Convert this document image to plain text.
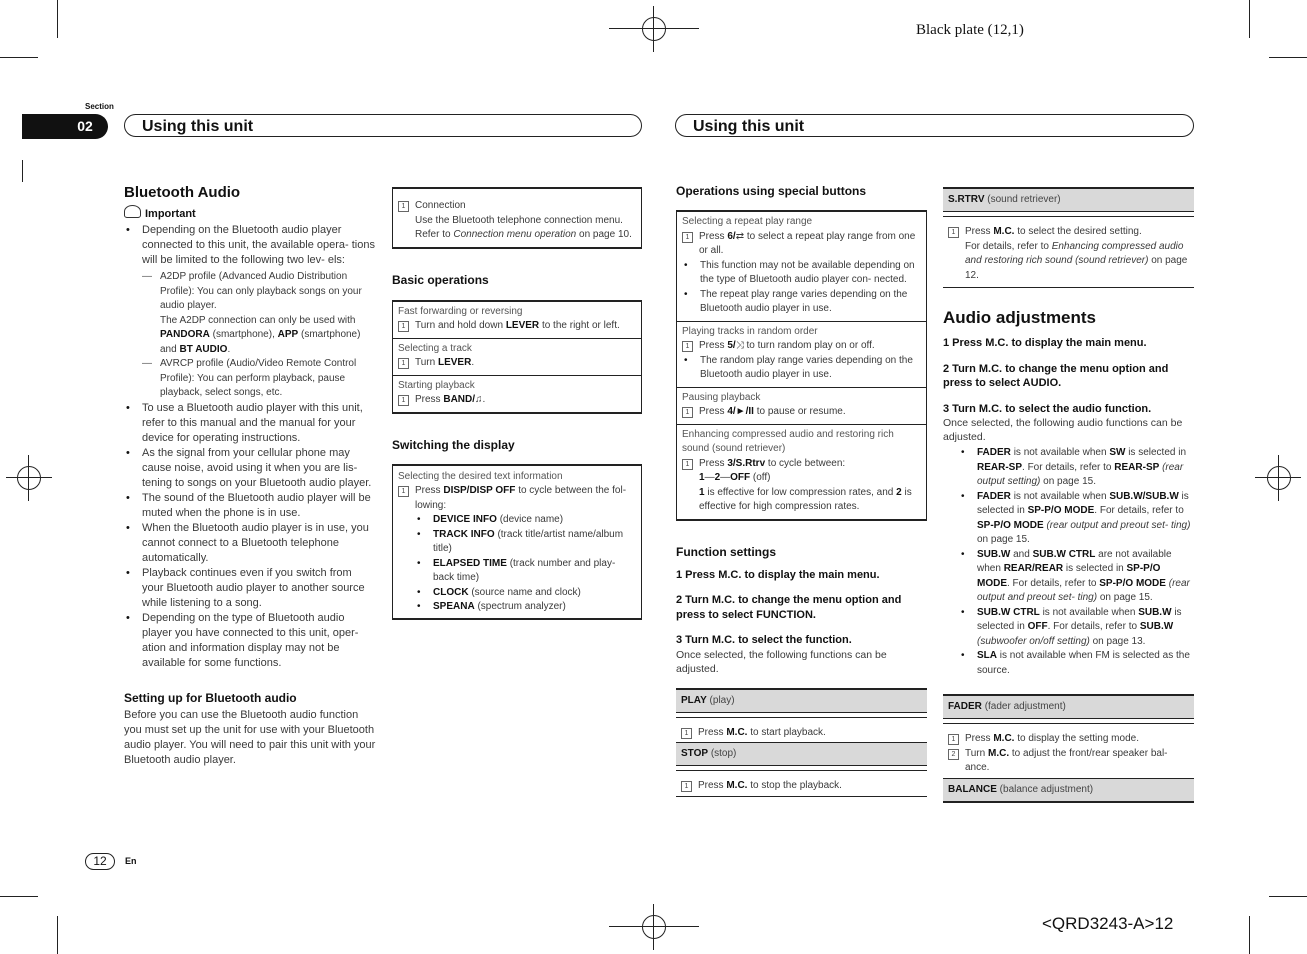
Black plate (12,1)
<QRD3243-A>12
Section
02	Using this unit	Using this unit
Bluetooth Audio
Important
• Depending on the Bluetooth audio player connected to this unit, the available opera- tions will be limited to the following two lev- els:
— A2DP profile (Advanced Audio Distribution Profile): You can only playback songs on your audio player.
The A2DP connection can only be used with PANDORA (smartphone), APP (smartphone) and BT AUDIO.
— AVRCP profile (Audio/Video Remote Control Profile): You can perform playback, pause playback, select songs, etc.
• To use a Bluetooth audio player with this unit, refer to this manual and the manual for your device for operating instructions.
• As the signal from your cellular phone may cause noise, avoid using it when you are lis- tening to songs on your Bluetooth audio player.
• The sound of the Bluetooth audio player will be muted when the phone is in use.
• When the Bluetooth audio player is in use, you cannot connect to a Bluetooth telephone automatically.
• Playback continues even if you switch from your Bluetooth audio player to another source while listening to a song.
• Depending on the type of Bluetooth audio player you have connected to this unit, oper- ation and information display may not be available for some functions.
Setting up for Bluetooth audio
Before you can use the Bluetooth audio function you must set up the unit for use with your Bluetooth audio player. You will need to pair this unit with your Bluetooth audio player.
1 Connection
Use the Bluetooth telephone connection menu. Refer to Connection menu operation on page 10.
Basic operations
Fast forwarding or reversing
1 Turn and hold down LEVER to the right or left.
Selecting a track
1 Turn LEVER.
Starting playback
1 Press BAND/♫.
Switching the display
Selecting the desired text information
1 Press DISP/DISP OFF to cycle between the fol- lowing:
• DEVICE INFO (device name)
• TRACK INFO (track title/artist name/album title)
• ELAPSED TIME (track number and play- back time)
• CLOCK (source name and clock)
• SPEANA (spectrum analyzer)
Operations using special buttons
Selecting a repeat play range
1 Press 6/⇄ to select a repeat play range from one or all.
• This function may not be available depending on the type of Bluetooth audio player con- nected.
• The repeat play range varies depending on the Bluetooth audio player in use.
Playing tracks in random order
1 Press 5/⤨ to turn random play on or off.
• The random play range varies depending on the Bluetooth audio player in use.
Pausing playback
1 Press 4/►/II to pause or resume.
Enhancing compressed audio and restoring rich sound (sound retriever)
1 Press 3/S.Rtrv to cycle between:
1—2—OFF (off)
1 is effective for low compression rates, and 2 is effective for high compression rates.
Function settings
1 Press M.C. to display the main menu.
2 Turn M.C. to change the menu option and press to select FUNCTION.
3 Turn M.C. to select the function.
Once selected, the following functions can be adjusted.
PLAY (play)
1 Press M.C. to start playback.
STOP (stop)
1 Press M.C. to stop the playback.
S.RTRV (sound retriever)
1 Press M.C. to select the desired setting.
For details, refer to Enhancing compressed audio and restoring rich sound (sound retriever) on page 12.
Audio adjustments
1 Press M.C. to display the main menu.
2 Turn M.C. to change the menu option and press to select AUDIO.
3 Turn M.C. to select the audio function.
Once selected, the following audio functions can be adjusted.
• FADER is not available when SW is selected in REAR-SP. For details, refer to REAR-SP (rear output setting) on page 15.
• FADER is not available when SUB.W/SUB.W is selected in SP-P/O MODE. For details, refer to SP-P/O MODE (rear output and preout set- ting) on page 15.
• SUB.W and SUB.W CTRL are not available when REAR/REAR is selected in SP-P/O MODE. For details, refer to SP-P/O MODE (rear output and preout set- ting) on page 15.
• SUB.W CTRL is not available when SUB.W is selected in OFF. For details, refer to SUB.W (subwoofer on/off setting) on page 13.
• SLA is not available when FM is selected as the source.
FADER (fader adjustment)
1 Press M.C. to display the setting mode.
2 Turn M.C. to adjust the front/rear speaker bal- ance.
BALANCE (balance adjustment)
12	En
